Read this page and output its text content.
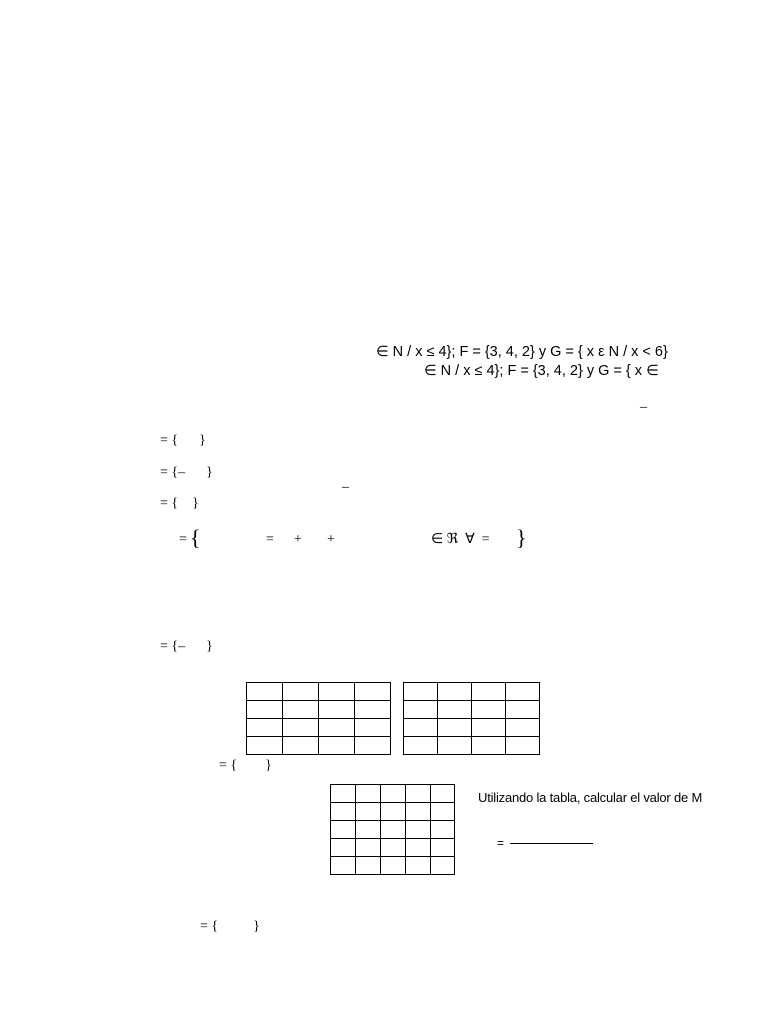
∈ N / x ≤ 4}; F = {3, 4, 2} y G = { x ε N / x < 6}
∈ N / x ≤ 4}; F = {3, 4, 2} y G = { x ∈
_
_
= {      }
= {–      }
= {    }
= {	= + +	∈ ℜ  ∀  = }
= {–      }
= {        }
= {          }

Utilizando la tabla, calcular el valor de M
=
